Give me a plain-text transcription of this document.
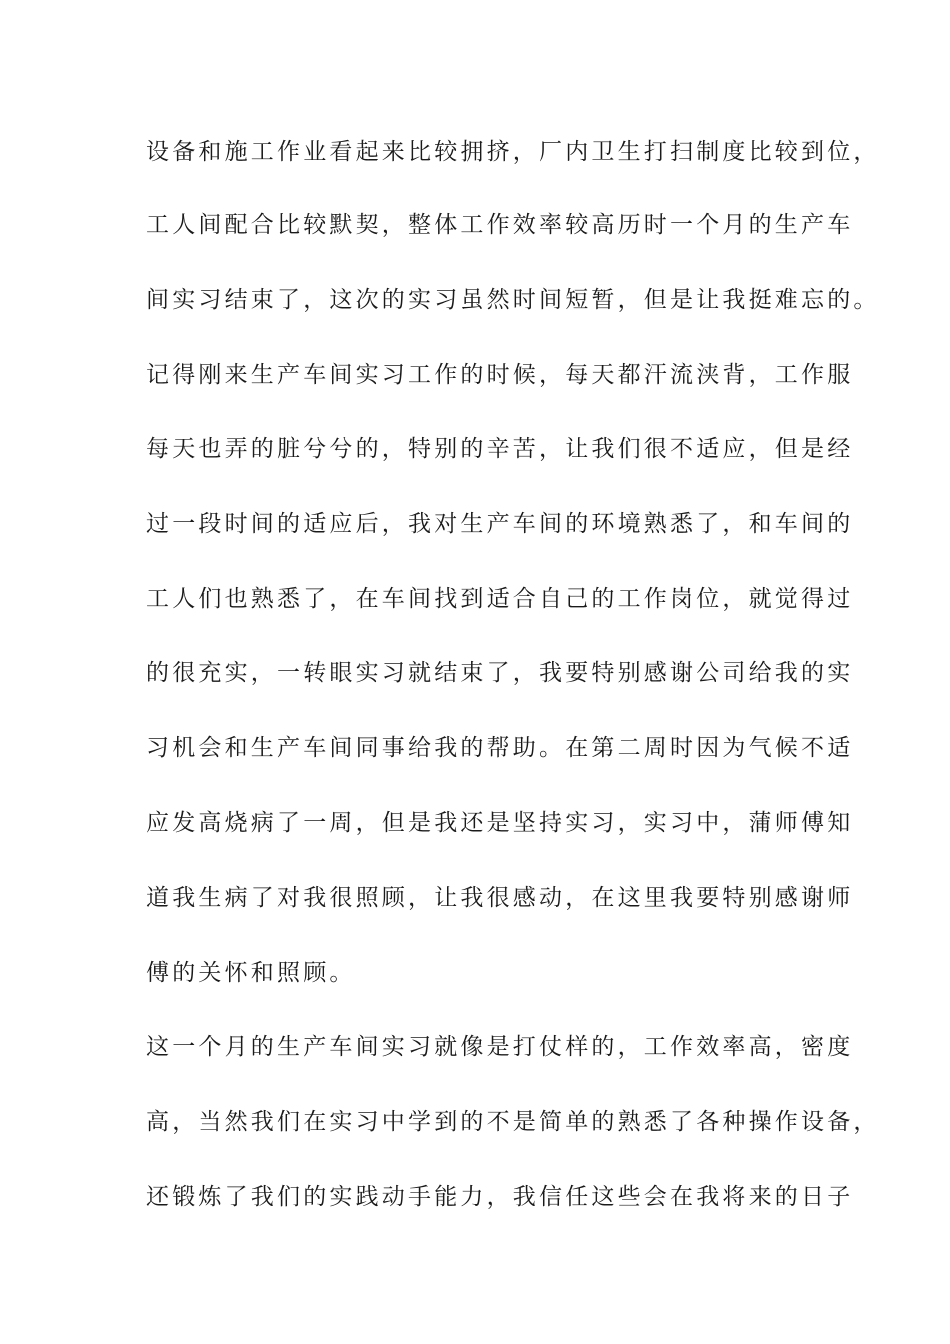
设备和施工作业看起来比较拥挤，厂内卫生打扫制度比较到位，
工人间配合比较默契，整体工作效率较高历时一个月的生产车
间实习结束了，这次的实习虽然时间短暂，但是让我挺难忘的。
记得刚来生产车间实习工作的时候，每天都汗流浃背，工作服
每天也弄的脏兮兮的，特别的辛苦，让我们很不适应，但是经
过一段时间的适应后，我对生产车间的环境熟悉了，和车间的
工人们也熟悉了，在车间找到适合自己的工作岗位，就觉得过
的很充实，一转眼实习就结束了，我要特别感谢公司给我的实
习机会和生产车间同事给我的帮助。在第二周时因为气候不适
应发高烧病了一周，但是我还是坚持实习，实习中，蒲师傅知
道我生病了对我很照顾，让我很感动，在这里我要特别感谢师
傅的关怀和照顾。
这一个月的生产车间实习就像是打仗样的，工作效率高，密度
高，当然我们在实习中学到的不是简单的熟悉了各种操作设备，
还锻炼了我们的实践动手能力，我信任这些会在我将来的日子
